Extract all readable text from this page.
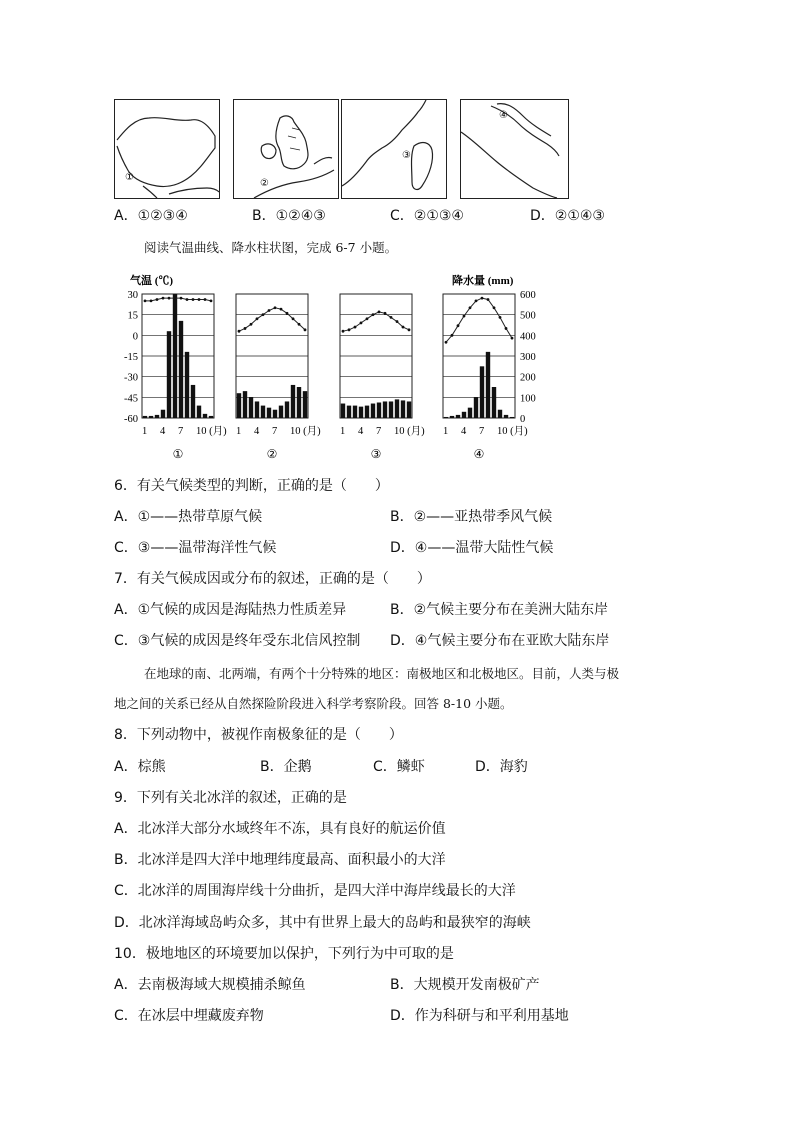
①
②
③
④
A．①②③④	B．①②④③	C．②①③④	D．②①④③
阅读气温曲线、降水柱状图，完成 6-7 小题。
气温 (℃)	降水量 (mm)
30
15
0
-15
-30
-45
-60
600
500
400
300
200
100
0
1 4 7 10 (月)
①
1 4 7 10 (月)
②
1 4 7 10 (月)
③
1 4 7 10 (月)
④
6．有关气候类型的判断，正确的是（　　）
A．①——热带草原气候	B．②——亚热带季风气候
C．③——温带海洋性气候	D．④——温带大陆性气候
7．有关气候成因或分布的叙述，正确的是（　　）
A．①气候的成因是海陆热力性质差异	B．②气候主要分布在美洲大陆东岸
C．③气候的成因是终年受东北信风控制 D．④气候主要分布在亚欧大陆东岸
在地球的南、北两端，有两个十分特殊的地区：南极地区和北极地区。目前，人类与极
地之间的关系已经从自然探险阶段进入科学考察阶段。回答 8-10 小题。
8．下列动物中，被视作南极象征的是（　　）
A．棕熊	B．企鹅	C．鳞虾	D．海豹
9．下列有关北冰洋的叙述，正确的是
A．北冰洋大部分水域终年不冻，具有良好的航运价值
B．北冰洋是四大洋中地理纬度最高、面积最小的大洋
C．北冰洋的周围海岸线十分曲折，是四大洋中海岸线最长的大洋
D．北冰洋海域岛屿众多，其中有世界上最大的岛屿和最狭窄的海峡
10．极地地区的环境要加以保护，下列行为中可取的是
A．去南极海域大规模捕杀鲸鱼	B．大规模开发南极矿产
C．在冰层中埋藏废弃物	D．作为科研与和平利用基地
